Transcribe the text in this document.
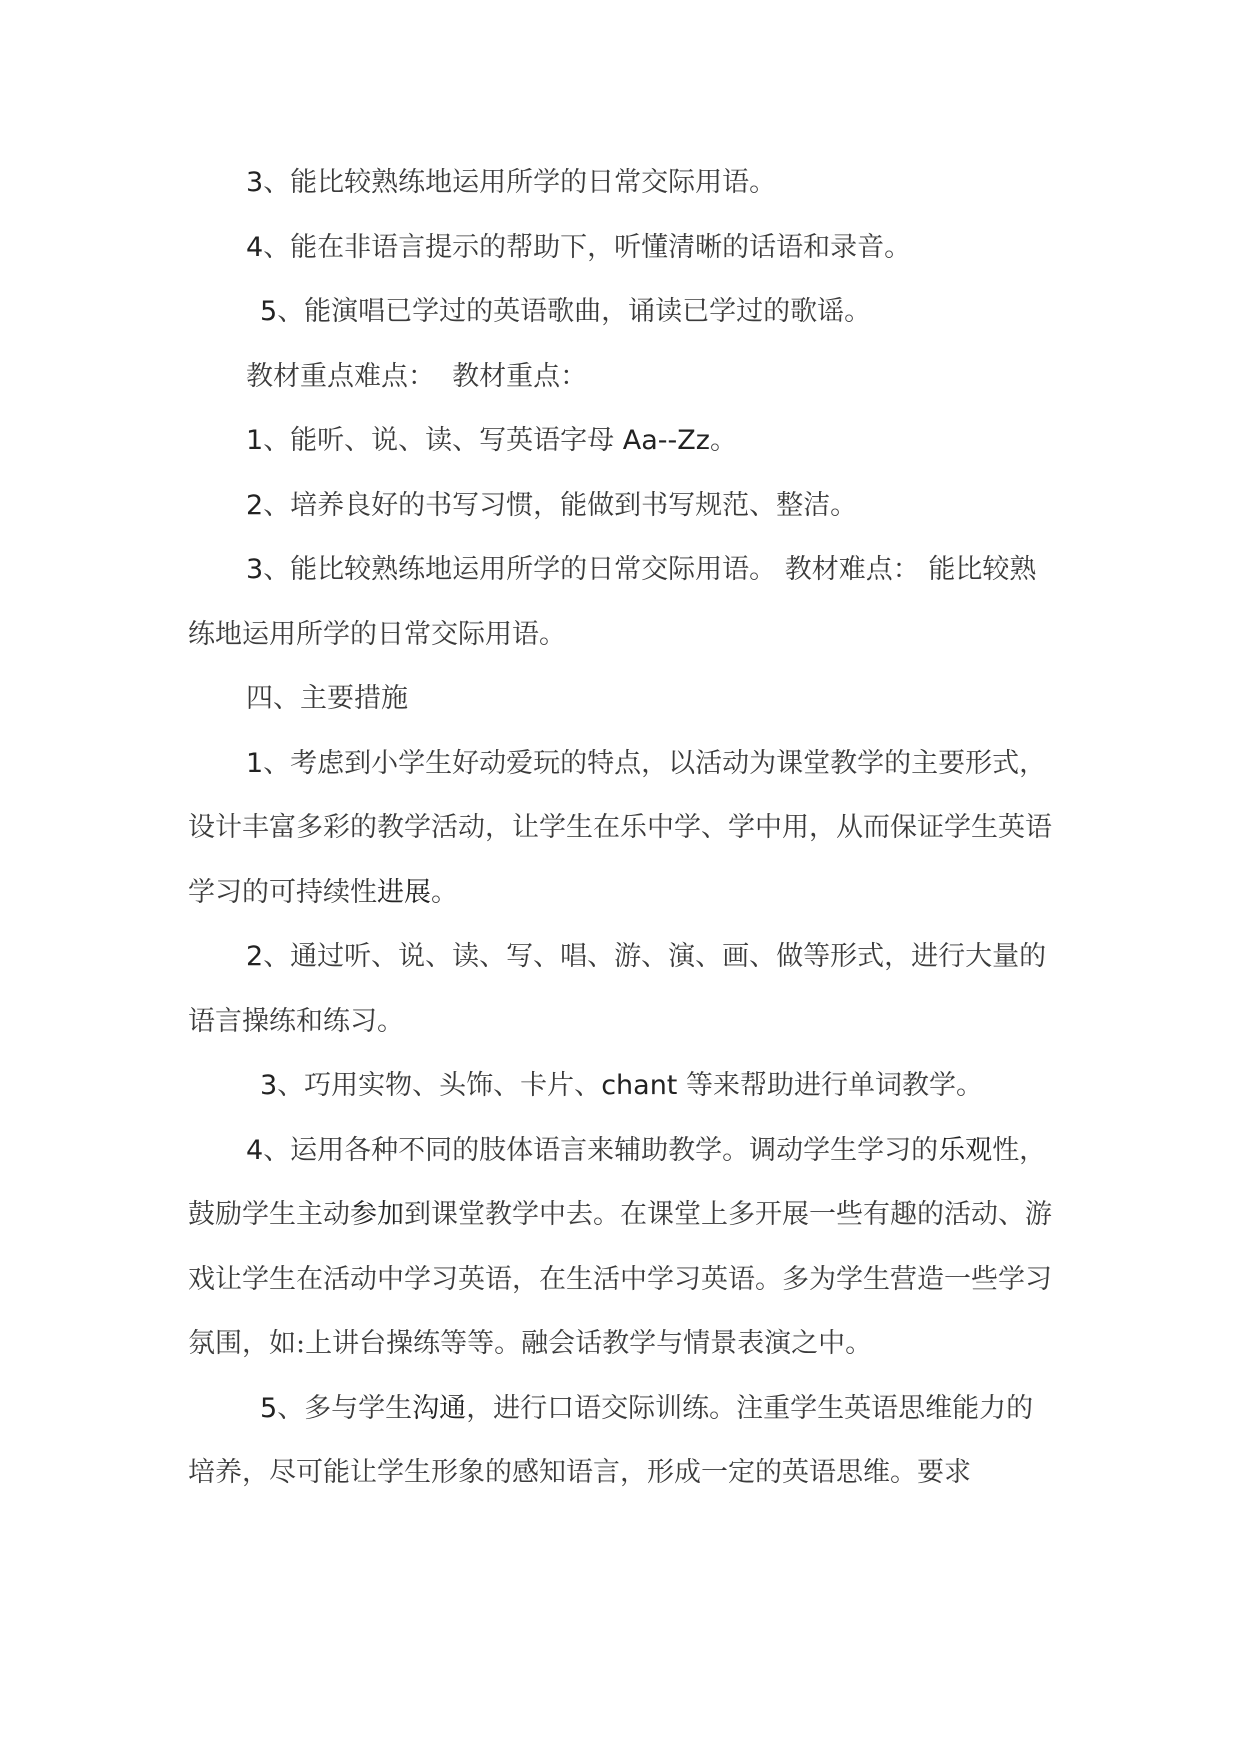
3、能比较熟练地运用所学的日常交际用语。

4、能在非语言提示的帮助下，听懂清晰的话语和录音。

5、能演唱已学过的英语歌曲，诵读已学过的歌谣。

教材重点难点：  教材重点：

1、能听、说、读、写英语字母 Aa--Zz。

2、培养良好的书写习惯，能做到书写规范、整洁。

3、能比较熟练地运用所学的日常交际用语。 教材难点： 能比较熟练地运用所学的日常交际用语。

四、主要措施

1、考虑到小学生好动爱玩的特点，以活动为课堂教学的主要形式，设计丰富多彩的教学活动，让学生在乐中学、学中用，从而保证学生英语学习的可持续性进展。

2、通过听、说、读、写、唱、游、演、画、做等形式，进行大量的语言操练和练习。

3、巧用实物、头饰、卡片、chant 等来帮助进行单词教学。

4、运用各种不同的肢体语言来辅助教学。调动学生学习的乐观性，鼓励学生主动参加到课堂教学中去。在课堂上多开展一些有趣的活动、游戏让学生在活动中学习英语，在生活中学习英语。多为学生营造一些学习氛围，如:上讲台操练等等。融会话教学与情景表演之中。

5、多与学生沟通，进行口语交际训练。注重学生英语思维能力的培养，尽可能让学生形象的感知语言，形成一定的英语思维。要求
